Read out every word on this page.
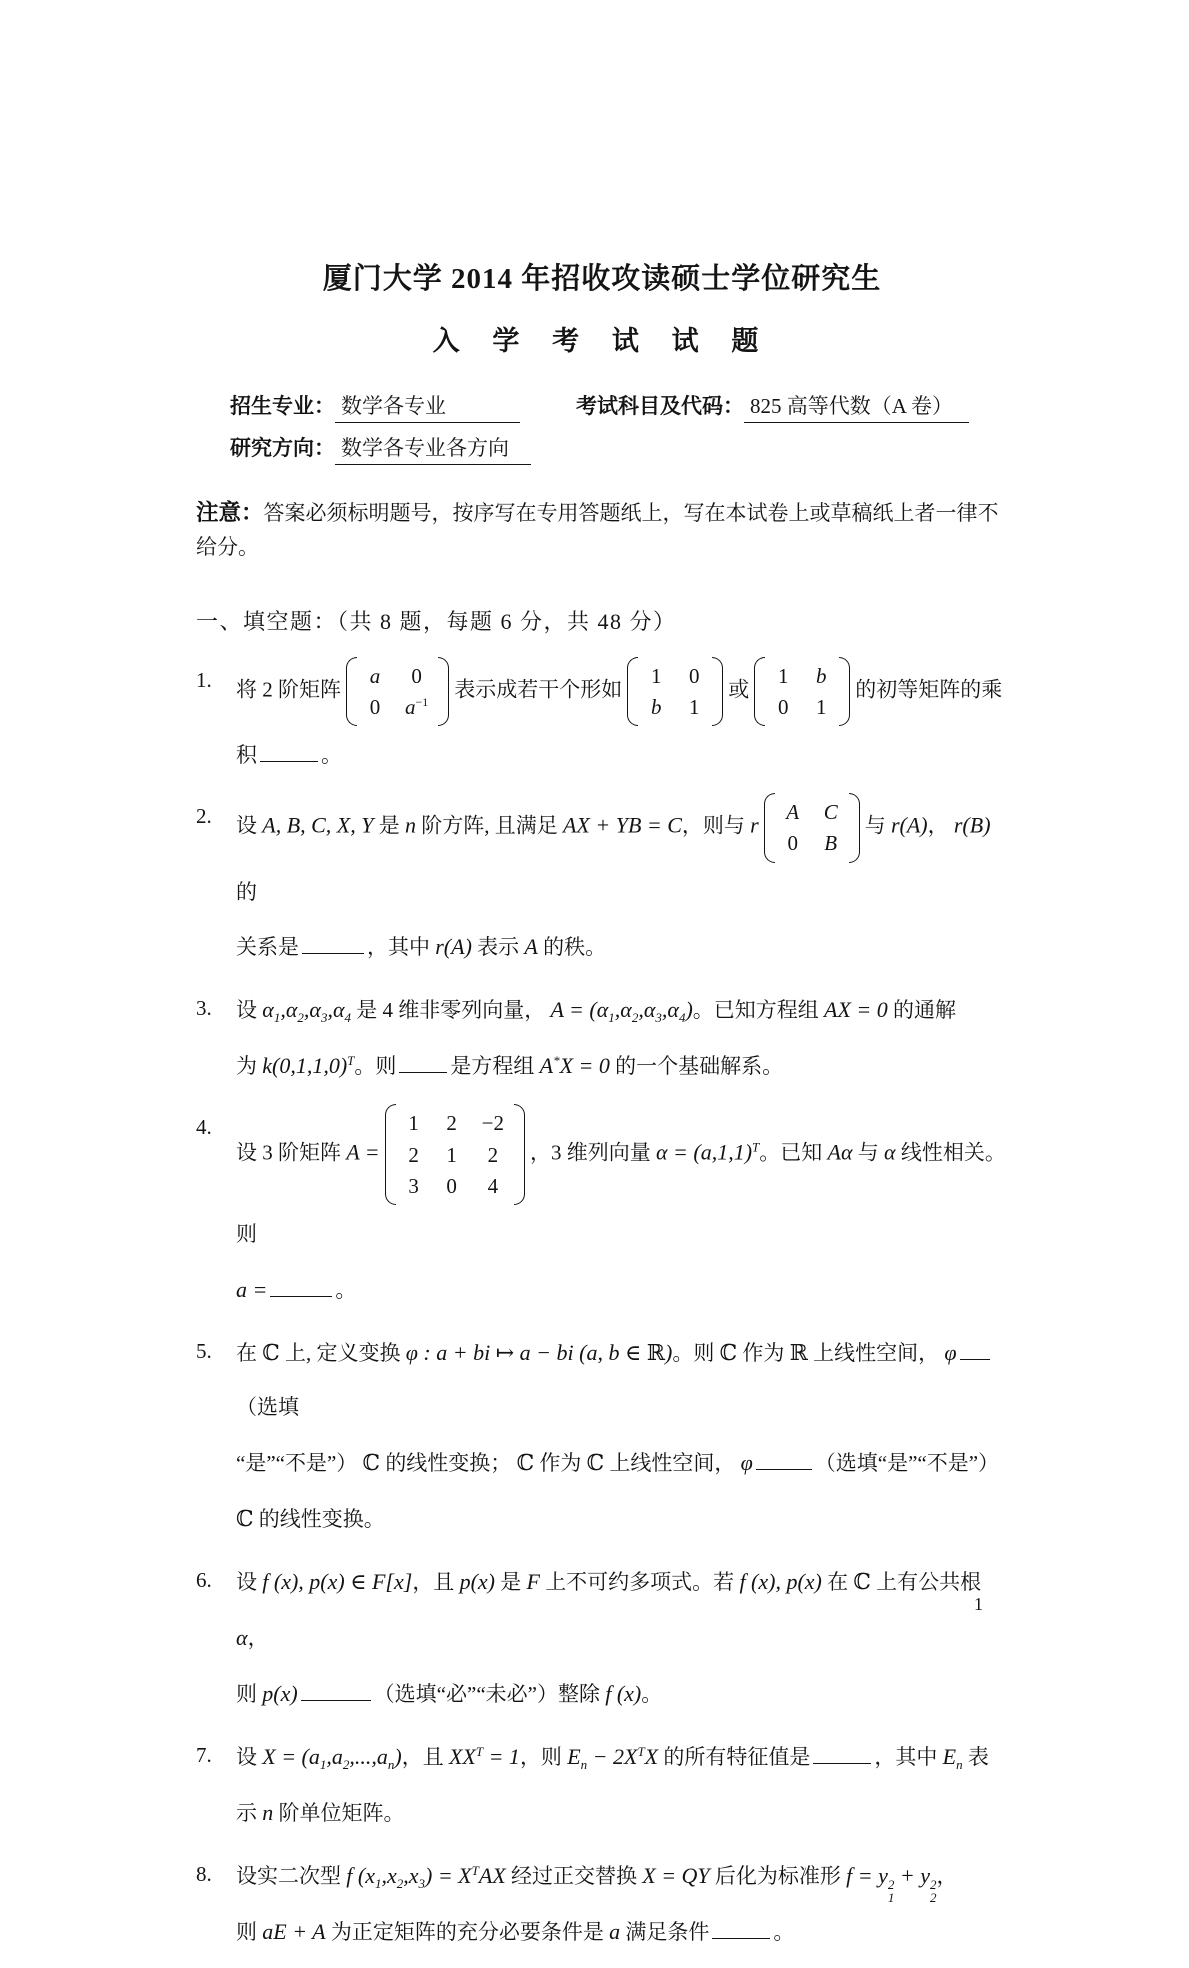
厦门大学 2014 年招收攻读硕士学位研究生
入 学 考 试 试 题
招生专业： 数学各专业	考试科目及代码： 825 高等代数（A 卷）
研究方向： 数学各专业各方向

注意：答案必须标明题号，按序写在专用答题纸上，写在本试卷上或草稿纸上者一律不给分。

一、填空题：（共 8 题，每题 6 分，共 48 分）
1.	将 2 阶矩阵
a	0
0 $a^{-1}$
表示成若干个形如
1 0
b 1
或
1 b
0 1
的初等矩阵的乘积	。
2.	设 A, B, C, X, Y 是 n 阶方阵, 且满足 AX + YB = C，则与 r
A C
0 B
与 r(A)， r(B) 的
关系是	，其中 r(A) 表示 A 的秩。
3.	设 $\alpha_1,\alpha_2,\alpha_3,\alpha_4$ 是 4 维非零列向量， $A = (\alpha_1,\alpha_2,\alpha_3,\alpha_4)$。已知方程组 AX = 0 的通解
为 $k(0,1,1,0)^T$。则	是方程组 A*X = 0 的一个基础解系。
4.
设 3 阶矩阵 A =
1 2 −2
2 1 2
3 0 4
，3 维列向量 $\alpha = (a,1,1)^T$。已知 Aα 与 α 线性相关。则
a =	。
5.	在 ℂ 上, 定义变换 φ : a + bi ↦ a − bi (a, b ∈ ℝ)。则 ℂ 作为 ℝ 上线性空间， φ（选填
“是”“不是”） ℂ 的线性变换； ℂ 作为 ℂ 上线性空间， φ	（选填“是”“不是”）
ℂ 的线性变换。
6.	设 f (x), p(x) ∈ F[x]，且 p(x) 是 F 上不可约多项式。若 f (x), p(x) 在 ℂ 上有公共根 α，
则 p(x)	（选填“必”“未必”）整除 f (x)。
7.	设 $X = (a_1,a_2,...,a_n)$，且 $XX^T = 1$，则 $E_n - 2X^TX$ 的所有特征值是	，其中 $E_n$ 表
示 n 阶单位矩阵。
8.	设实二次型 f $(x_1,x_2,x_3) = X^TAX$ 经过正交替换 X = QY 后化为标准形 f = y 2
1
+ y 2
2
，
则 aE + A 为正定矩阵的充分必要条件是 a 满足条件	。
1
